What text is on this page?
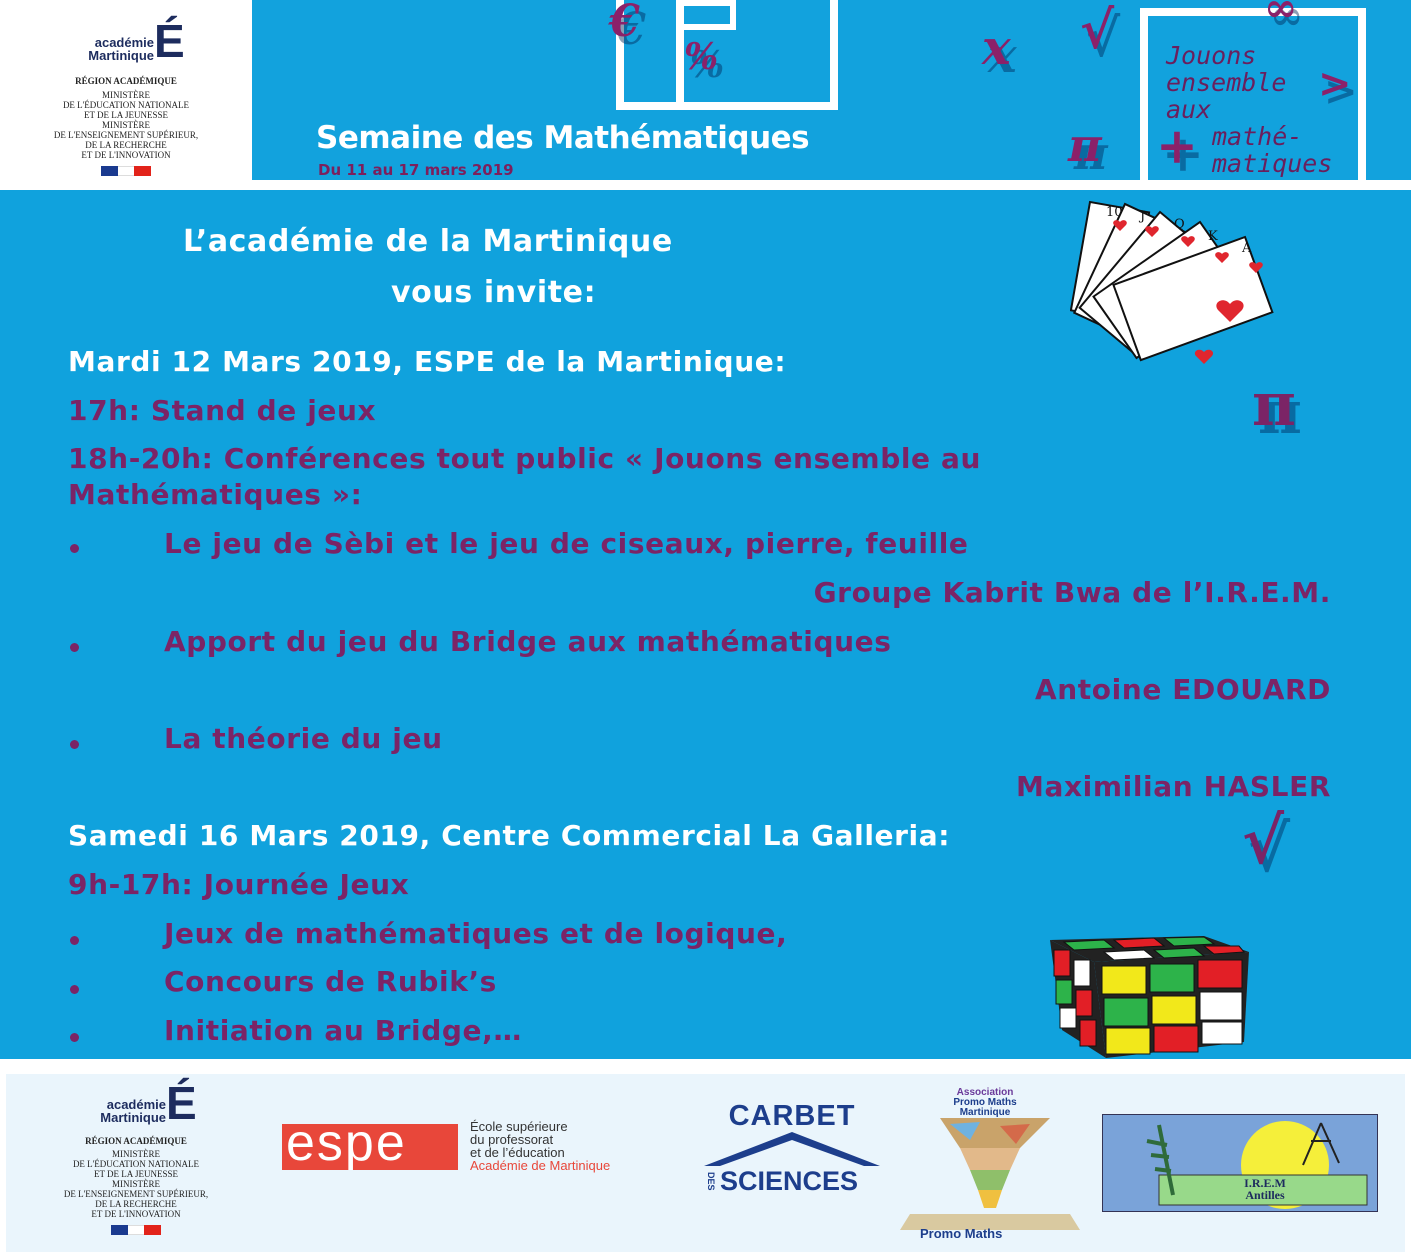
académie
Martinique É
RÉGION ACADÉMIQUE
MINISTÈRE
DE L'ÉDUCATION NATIONALE
ET DE LA JEUNESSE
MINISTÈRE
DE L'ENSEIGNEMENT SUPÉRIEUR,
DE LA RECHERCHE
ET DE L'INNOVATION
€
%	x √
π
∞
>
+
Jouons
ensemble
aux
mathé-
matiques
Semaine des Mathématiques
Du 11 au 17 mars 2019
10 J
Q
K
A
π
√
L’académie de la Martinique
vous invite:
Mardi 12 Mars 2019, ESPE de la Martinique:
17h: Stand de jeux
18h-20h: Conférences tout public « Jouons ensemble au
Mathématiques »:
Le jeu de Sèbi et le jeu de ciseaux, pierre, feuille
Groupe Kabrit Bwa de l’I.R.E.M.
Apport du jeu du Bridge aux mathématiques
Antoine EDOUARD
La théorie du jeu
Maximilian HASLER
Samedi 16 Mars 2019, Centre Commercial La Galleria:
9h-17h: Journée Jeux
Jeux de mathématiques et de logique,
Concours de Rubik’s
Initiation au Bridge,…
académie
Martinique É
RÉGION ACADÉMIQUE
MINISTÈRE
DE L'ÉDUCATION NATIONALE
ET DE LA JEUNESSE
MINISTÈRE
DE L'ENSEIGNEMENT SUPÉRIEUR,
DE LA RECHERCHE
ET DE L'INNOVATION
espe	École supérieure
du professorat
et de l’éducation
Académie de Martinique
CARBET
DES SCIENCES
Association
Promo Maths
Martinique
Promo Maths
I.R.E.M
Antilles
